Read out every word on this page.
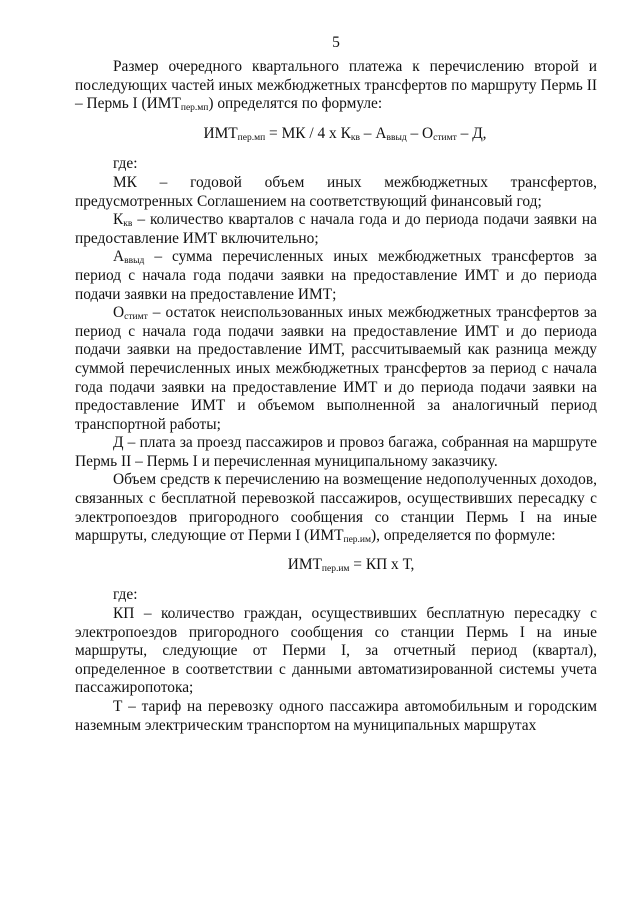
5

Размер очередного квартального платежа к перечислению второй и последующих частей иных межбюджетных трансфертов по маршруту Пермь II – Пермь I $(ИМТ_{пер.мп})$ определятся по формуле:

$ИМТ_{пер.мп}$ = МК / 4 х $К_{кв} - А_{ввыд} - О_{стимт}$ – Д,

где:

МК – годовой объем иных межбюджетных трансфертов, предусмотренных Соглашением на соответствующий финансовый год;

$К_{кв}$ – количество кварталов с начала года и до периода подачи заявки на предоставление ИМТ включительно;

$А_{ввыд}$ – сумма перечисленных иных межбюджетных трансфертов за период с начала года подачи заявки на предоставление ИМТ и до периода подачи заявки на предоставление ИМТ;

$О_{стимт}$ – остаток неиспользованных иных межбюджетных трансфертов за период с начала года подачи заявки на предоставление ИМТ и до периода подачи заявки на предоставление ИМТ, рассчитываемый как разница между суммой перечисленных иных межбюджетных трансфертов за период с начала года подачи заявки на предоставление ИМТ и до периода подачи заявки на предоставление ИМТ и объемом выполненной за аналогичный период транспортной работы;

Д – плата за проезд пассажиров и провоз багажа, собранная на маршруте Пермь II – Пермь I и перечисленная муниципальному заказчику.

Объем средств к перечислению на возмещение недополученных доходов, связанных с бесплатной перевозкой пассажиров, осуществивших пересадку с электропоездов пригородного сообщения со станции Пермь I на иные маршруты, следующие от Перми I $(ИМТ_{пер.им})$, определяется по формуле:

$ИМТ_{пер.им}$ = КП х Т,

где:

КП – количество граждан, осуществивших бесплатную пересадку с электропоездов пригородного сообщения со станции Пермь I на иные маршруты, следующие от Перми I, за отчетный период (квартал), определенное в соответствии с данными автоматизированной системы учета пассажиропотока;

Т – тариф на перевозку одного пассажира автомобильным и городским наземным электрическим транспортом на муниципальных маршрутах
